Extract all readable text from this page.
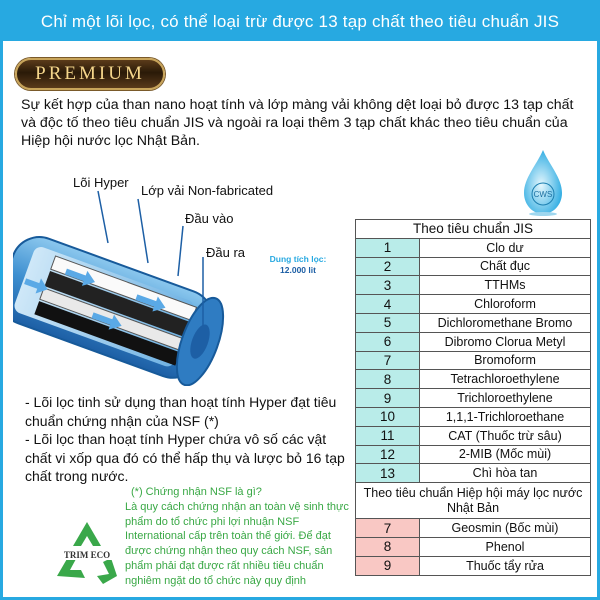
Chỉ một lõi lọc, có thể loại trừ được 13 tạp chất theo tiêu chuẩn JIS
PREMIUM
Sự kết hợp của than nano hoạt tính và lớp màng vải không dệt loại bỏ được 13 tạp chất và độc tố theo tiêu chuẩn JIS và ngoài ra loại thêm 3 tạp chất khác theo tiêu chuẩn của Hiệp hội nước lọc Nhật Bản.
CWS
Lõi Hyper
Lớp vải Non-fabricated
Đầu vào
Đầu ra	Dung tích lọc:
12.000 lit
- Lõi lọc tinh sử dụng than hoạt tính Hyper đạt tiêu chuẩn chứng nhận của NSF (*)
- Lõi lọc than hoạt tính Hyper chứa vô số các vật chất vi xốp qua đó có thể hấp thụ và lược bỏ 16 tạp chất trong nước.
(*) Chứng nhận NSF là gì?
Là quy cách chứng nhận an toàn vệ sinh thực phẩm do tổ chức phi lợi nhuận NSF International cấp trên toàn thế giới. Để đạt được chứng nhận theo quy cách NSF, sản phẩm phải đạt được rất nhiều tiêu chuẩn nghiêm ngặt do tổ chức này quy định
TRIM ECO
Theo tiêu chuẩn JIS	
1	Clo dư
2	Chất đục
3	TTHMs
4	Chloroform
5	Dichloromethane Bromo
6	Dibromo Clorua Metyl
7	Bromoform
8	Tetrachloroethylene
9	Trichloroethylene
10	1,1,1-Trichloroethane
11	CAT (Thuốc trừ sâu)
12	2-MIB (Mốc mùi)
13	Chì hòa tan
Theo tiêu chuẩn Hiệp hội máy lọc nước Nhật Bản	
7	Geosmin (Bốc mùi)
8	Phenol
9	Thuốc tẩy rửa
